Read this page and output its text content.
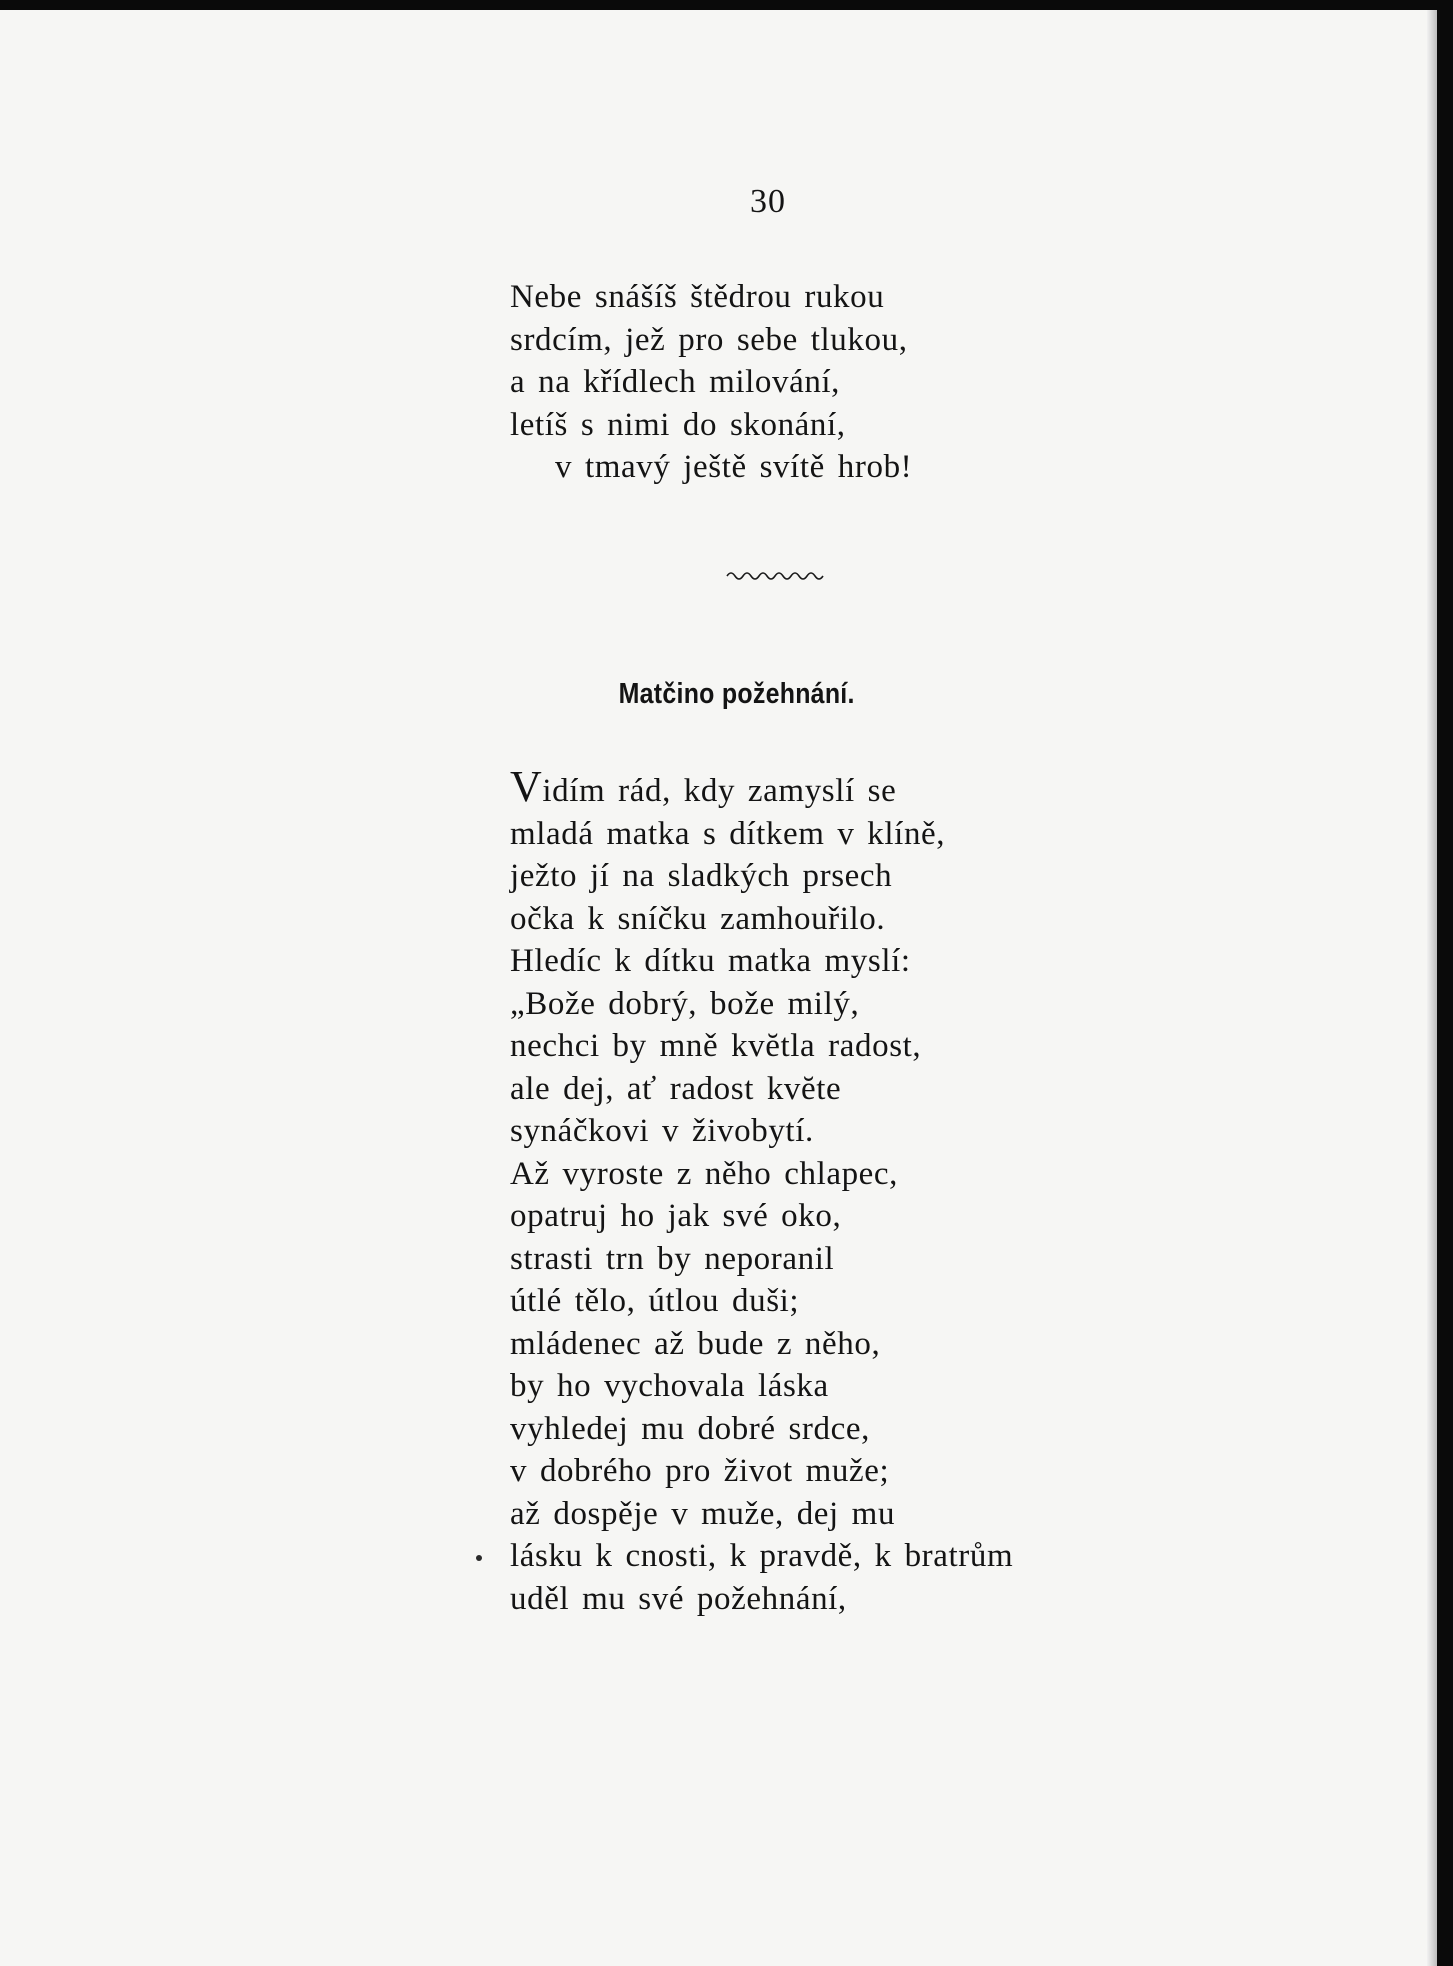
30
Nebe snášíš štědrou rukou
srdcím, jež pro sebe tlukou,
a na křídlech milování,
letíš s nimi do skonání,
v tmavý ještě svítě hrob!
Matčino požehnání.
Vidím rád, kdy zamyslí se
mladá matka s dítkem v klíně,
ježto jí na sladkých prsech
očka k sníčku zamhouřilo.
Hledíc k dítku matka myslí:
„Bože dobrý, bože milý,
nechci by mně kvĕtla radost,
ale dej, ať radost kvĕte
synáčkovi v živobytí.
Až vyroste z něho chlapec,
opatruj ho jak své oko,
strasti trn by neporanil
útlé tělo, útlou duši;
mládenec až bude z něho,
by ho vychovala láska
vyhledej mu dobré srdce,
v dobrého pro život muže;
až dospěje v muže, dej mu
lásku k cnosti, k pravdě, k bratrům
uděl mu své požehnání,
